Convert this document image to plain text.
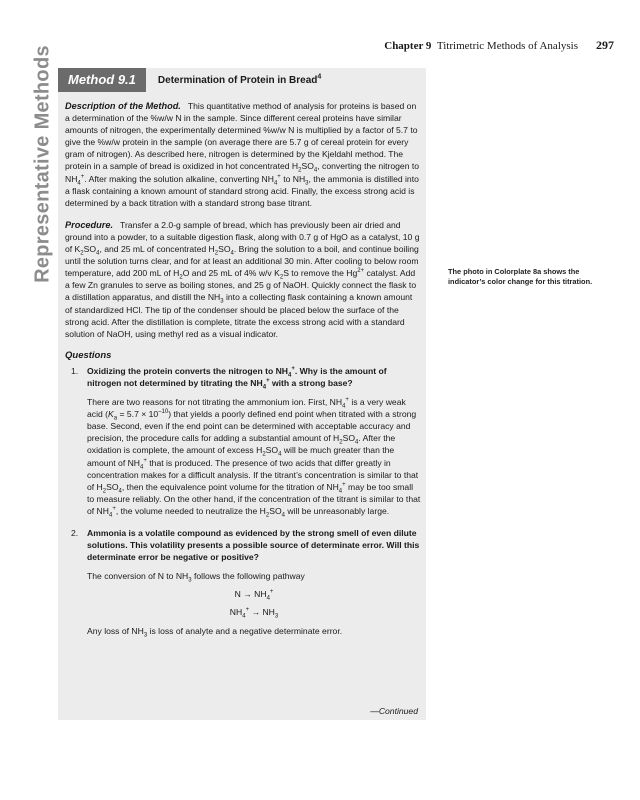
Chapter 9 Titrimetric Methods of Analysis 297
Representative Methods	Method 9.1	Determination of Protein in Bread$^4$

Description of the Method. This quantitative method of analysis for proteins is based on a determination of the %w/w N in the sample. Since different cereal proteins have similar amounts of nitrogen, the experimentally determined %w/w N is multiplied by a factor of 5.7 to give the %w/w protein in the sample (on average there are 5.7 g of cereal protein for every gram of nitrogen). As described here, nitrogen is determined by the Kjeldahl method. The protein in a sample of bread is oxidized in hot concentrated $H_2SO_4$, converting the nitrogen to $NH_4^+$. After making the solution alkaline, converting $NH_4^+$ to $NH_3$, the ammonia is distilled into a flask containing a known amount of standard strong acid. Finally, the excess strong acid is determined by a back titration with a standard strong base titrant.

Procedure. Transfer a 2.0-g sample of bread, which has previously been air dried and ground into a powder, to a suitable digestion flask, along with 0.7 g of HgO as a catalyst, 10 g of $K_2SO_4$, and 25 mL of concentrated $H_2SO_4$. Bring the solution to a boil, and continue boiling until the solution turns clear, and for at least an additional 30 min. After cooling to below room temperature, add 200 mL of $H_2O$ and 25 mL of 4% w/v $K_2S$ to remove the $Hg^{2+}$ catalyst. Add a few Zn granules to serve as boiling stones, and 25 g of NaOH. Quickly connect the flask to a distillation apparatus, and distill the $NH_3$ into a collecting flask containing a known amount of standardized HCl. The tip of the condenser should be placed below the surface of the strong acid. After the distillation is complete, titrate the excess strong acid with a standard solution of NaOH, using methyl red as a visual indicator.

Questions
1.	Oxidizing the protein converts the nitrogen to $NH_4^+$. Why is the amount of nitrogen not determined by titrating the $NH_4^+$ with a strong base?

There are two reasons for not titrating the ammonium ion. First, $NH_4^+$ is a very weak acid $(K_a = 5.7 \times 10^{-10})$ that yields a poorly defined end point when titrated with a strong base. Second, even if the end point can be determined with acceptable accuracy and precision, the procedure calls for adding a substantial amount of $H_2SO_4$. After the oxidation is complete, the amount of excess $H_2SO_4$ will be much greater than the amount of $NH_4^+$ that is produced. The presence of two acids that differ greatly in concentration makes for a difficult analysis. If the titrant’s concentration is similar to that of $H_2SO_4$, then the equivalence point volume for the titration of $NH_4^+$ may be too small to measure reliably. On the other hand, if the concentration of the titrant is similar to that of $NH_4^+$, the volume needed to neutralize the $H_2SO_4$ will be unreasonably large.

2.	Ammonia is a volatile compound as evidenced by the strong smell of even dilute solutions. This volatility presents a possible source of determinate error. Will this determinate error be negative or positive?

The conversion of N to $NH_3$ follows the following pathway

$N \to NH_4^+$

$NH_4^+ \to NH_3$

Any loss of $NH_3$ is loss of analyte and a negative determinate error.

—Continued
The photo in Colorplate 8a shows the indicator’s color change for this titration.
